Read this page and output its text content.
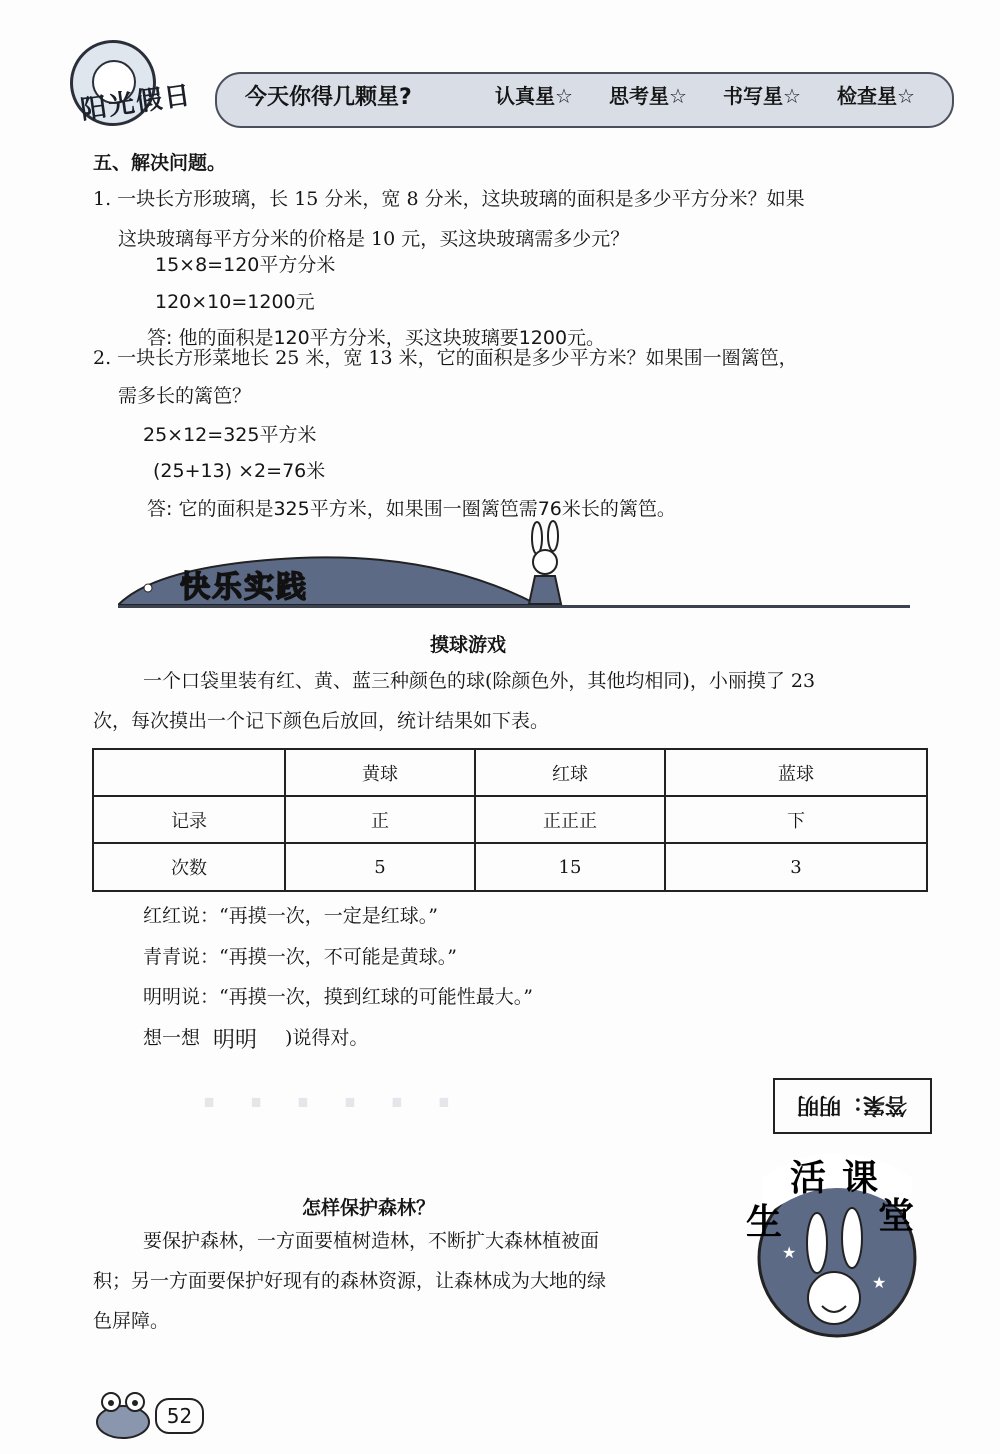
阳光假日 今天你得几颗星?	认真星☆ 思考星☆ 书写星☆ 检查星☆
五、解决问题。
1. 一块长方形玻璃，长 15 分米，宽 8 分米，这块玻璃的面积是多少平方分米？如果
这块玻璃每平方分米的价格是 10 元，买这块玻璃需多少元？
15×8=120平方分米
120×10=1200元
答: 他的面积是120平方分米，买这块玻璃要1200元。
2. 一块长方形菜地长 25 米，宽 13 米，它的面积是多少平方米？如果围一圈篱笆，
需多长的篱笆？
25×12=325平方米
(25+13) ×2=76米
答: 它的面积是325平方米，如果围一圈篱笆需76米长的篱笆。
快乐实践
摸球游戏
一个口袋里装有红、黄、蓝三种颜色的球(除颜色外，其他均相同)，小丽摸了 23
次，每次摸出一个记下颜色后放回，统计结果如下表。
	黄球	红球	蓝球
记录	正	正正正	下
次数	5	15	3
红红说：“再摸一次，一定是红球。”
青青说：“再摸一次，不可能是黄球。”
明明说：“再摸一次，摸到红球的可能性最大。”
想一想 明明 )说得对。
· · · · · ·	答案：明明
怎样保护森林？
要保护森林，一方面要植树造林，不断扩大森林植被面
积；另一方面要保护好现有的森林资源，让森林成为大地的绿
色屏障。
★
★
生
活 课
堂
52
